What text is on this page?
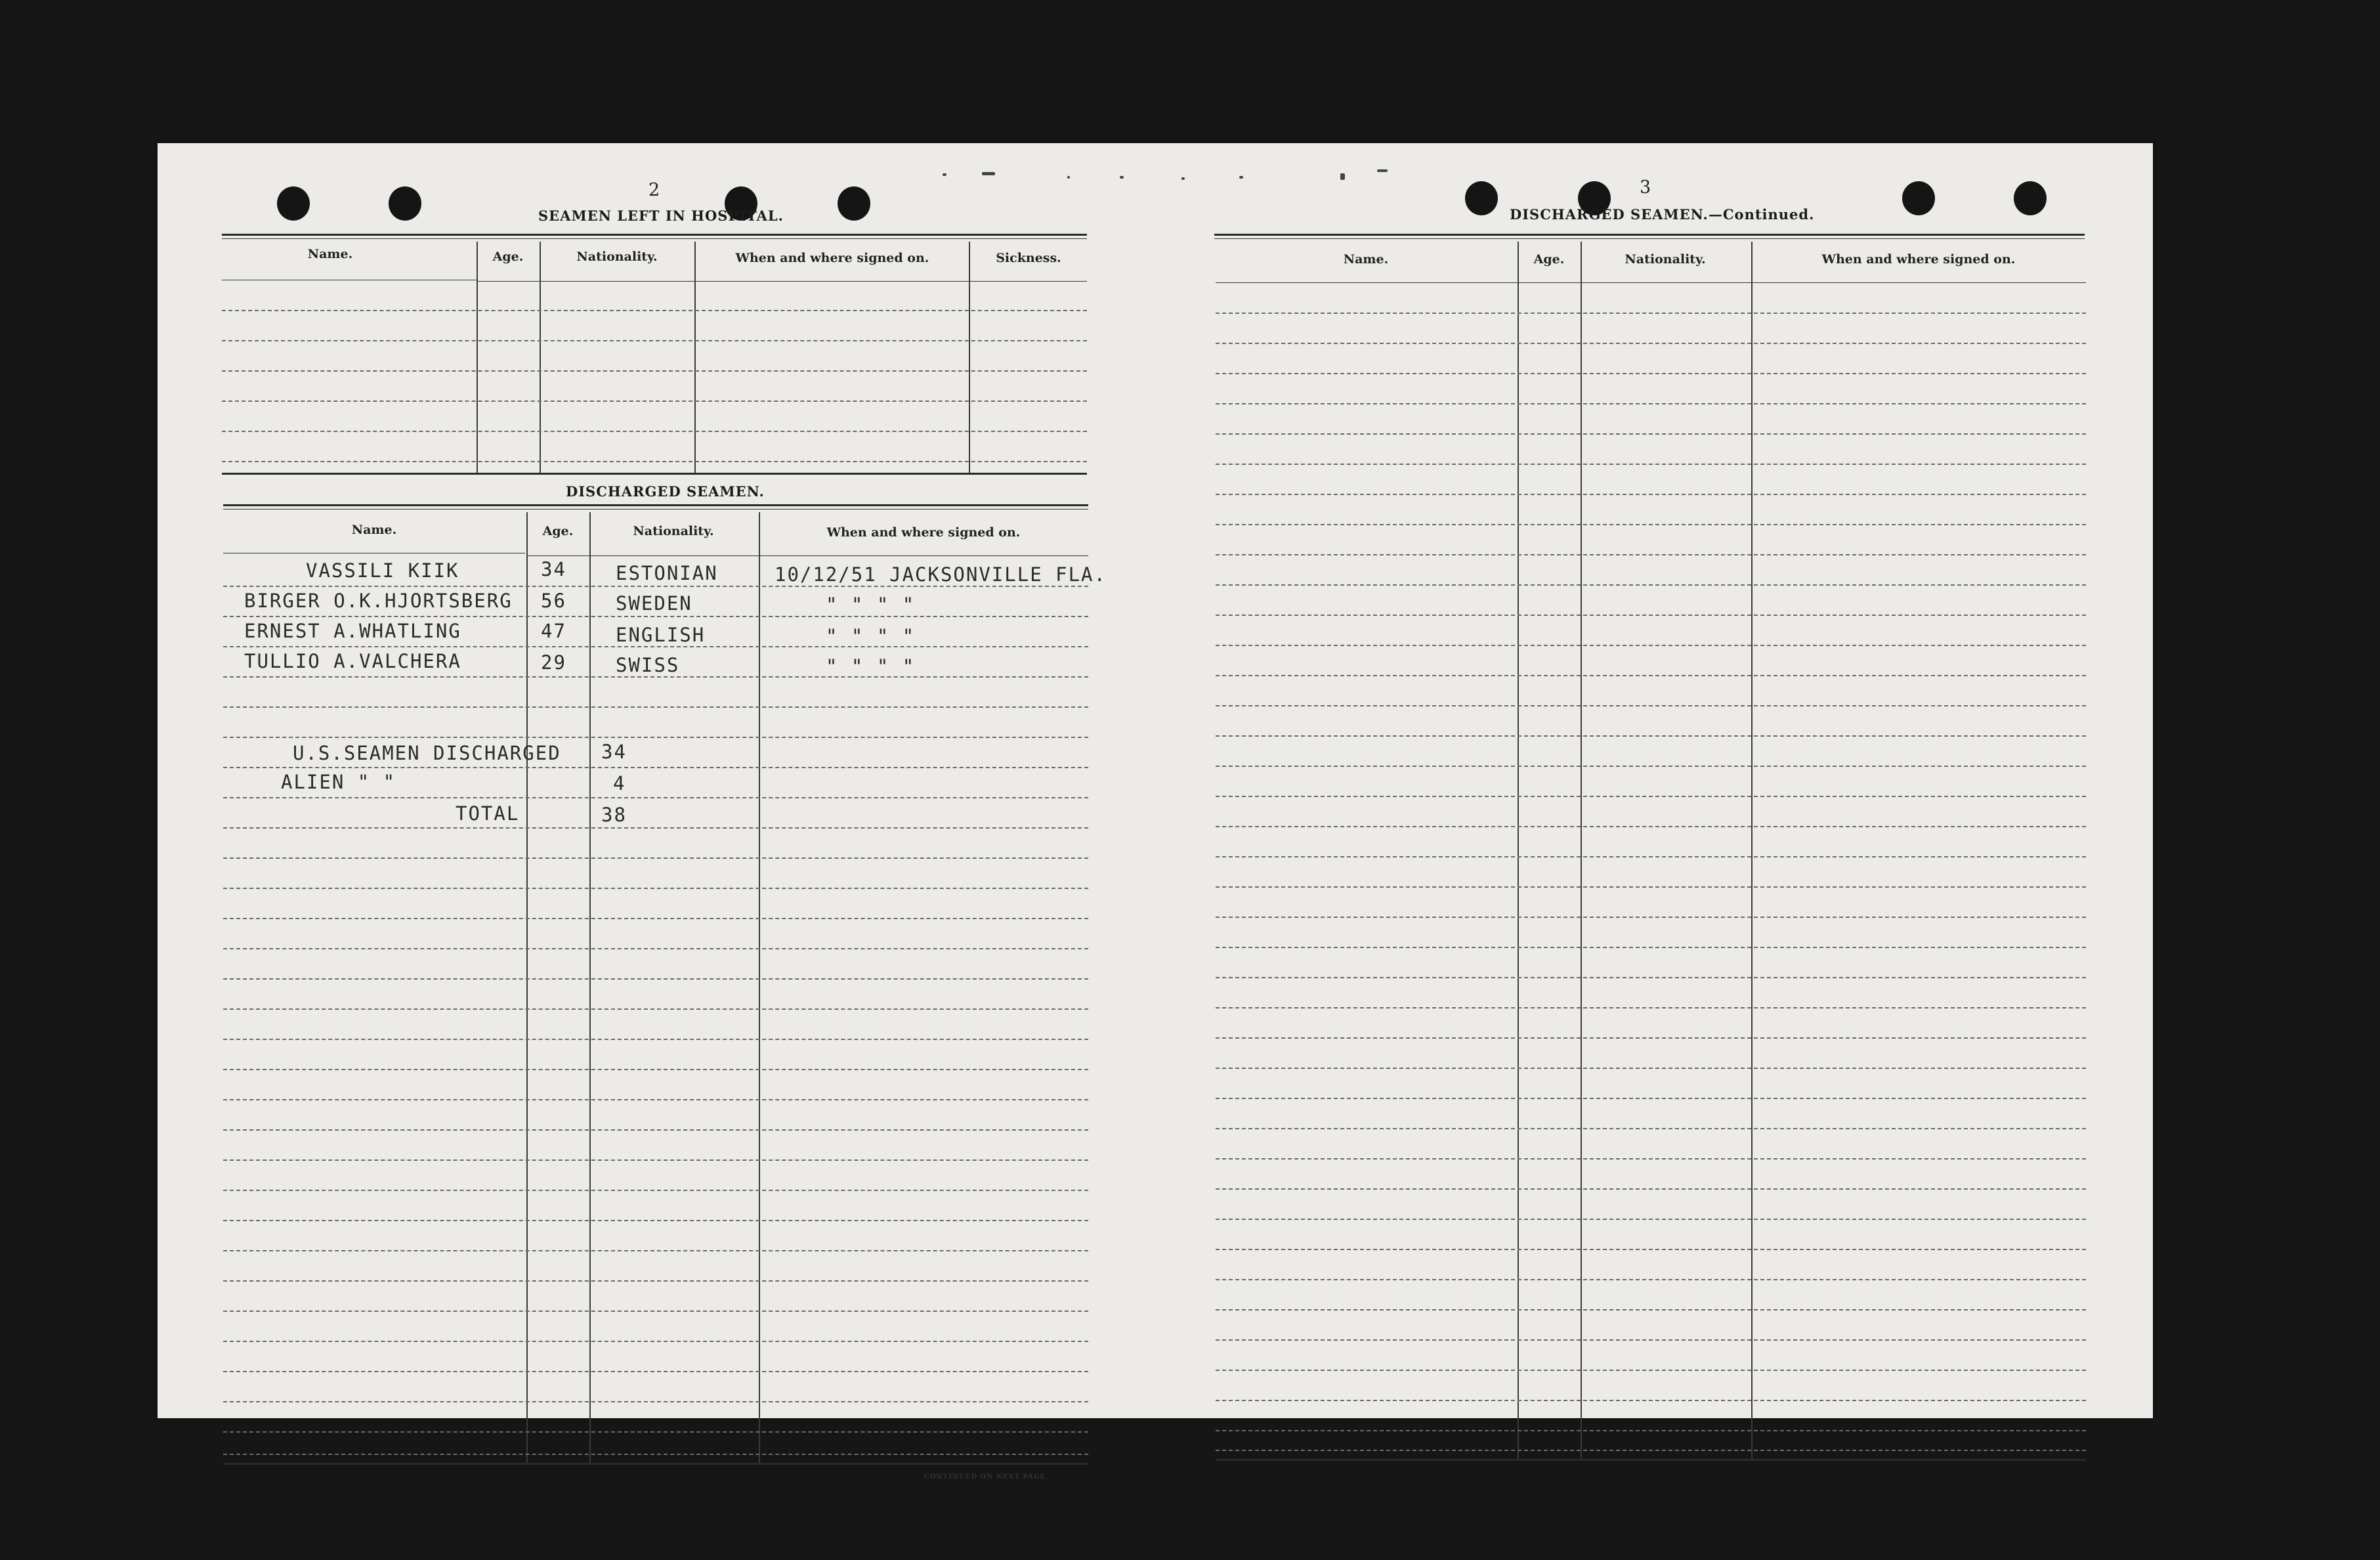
2
SEAMEN LEFT IN HOSPITAL.
Name.	Age.	Nationality.	When and where signed on.	Sickness.
DISCHARGED SEAMEN.
Name.	Age.	Nationality.	When and where signed on.
VASSILI KIIK	34	ESTONIAN	10/12/51 JACKSONVILLE FLA.
BIRGER O.K.HJORTSBERG 56	SWEDEN	" " " "
ERNEST A.WHATLING	47	ENGLISH	" " " "
TULLIO A.VALCHERA	29	SWISS	" " " "
U.S.SEAMEN DISCHARGED 34
ALIEN " "	4
TOTAL	38
CONTINUED ON NEXT PAGE.
3
DISCHARGED SEAMEN.—Continued.
Name.	Age.	Nationality.	When and where signed on.
